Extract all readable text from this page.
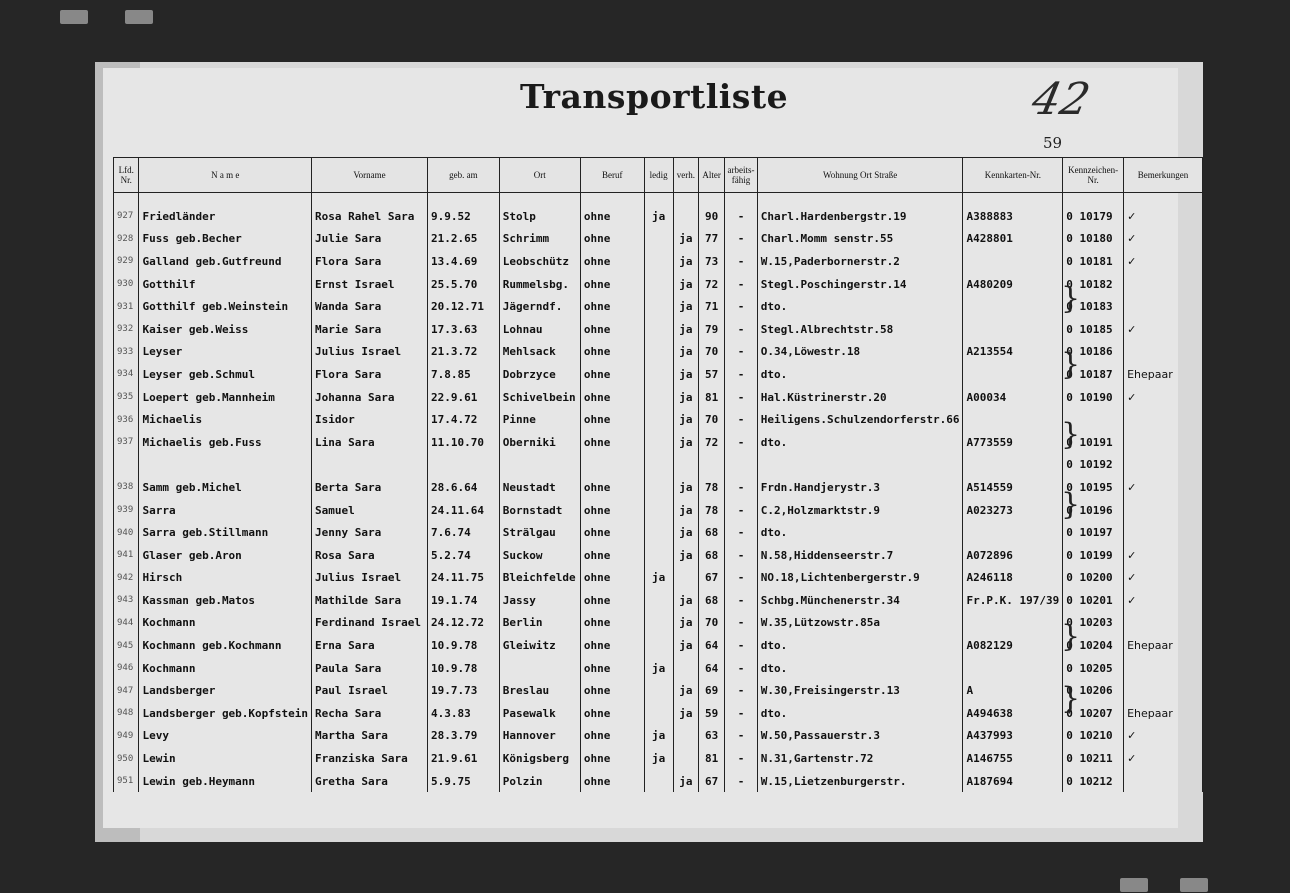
Transportliste	42
59
Lfd. Nr.	N a m e	Vorname	geb. am	Ort	Beruf	ledig	verh.	Alter	arbeits-fähig	Wohnung Ort Straße	Kennkarten-Nr.	Kennzeichen-Nr.	Bemerkungen

927	Friedländer	Rosa Rahel Sara	9.9.52	Stolp	ohne	ja		90	-	Charl.Hardenbergstr.19	A388883	0 10179	✓
928	Fuss geb.Becher	Julie Sara	21.2.65	Schrimm	ohne		ja	77	-	Charl.Momm senstr.55	A428801	0 10180	✓
929	Galland geb.Gutfreund	Flora Sara	13.4.69	Leobschütz	ohne		ja	73	-	W.15,Paderbornerstr.2		0 10181	✓
930	Gotthilf	Ernst Israel	25.5.70	Rummelsbg.	ohne		ja	72	-	Stegl.Poschingerstr.14	A480209	0 10182	
931	Gotthilf geb.Weinstein	Wanda Sara	20.12.71	Jägerndf.	ohne		ja	71	-	dto.		0 10183	
932	Kaiser geb.Weiss	Marie Sara	17.3.63	Lohnau	ohne		ja	79	-	Stegl.Albrechtstr.58		0 10185	✓
933	Leyser	Julius Israel	21.3.72	Mehlsack	ohne		ja	70	-	O.34,Löwestr.18	A213554	0 10186	
934	Leyser geb.Schmul	Flora Sara	7.8.85	Dobrzyce	ohne		ja	57	-	dto.		0 10187	Ehepaar
935	Loepert geb.Mannheim	Johanna Sara	22.9.61	Schivelbein	ohne		ja	81	-	Hal.Küstrinerstr.20	A00034	0 10190	✓
936	Michaelis	Isidor	17.4.72	Pinne	ohne		ja	70	-	Heiligens.Schulzendorferstr.66			
937	Michaelis geb.Fuss	Lina Sara	11.10.70	Oberniki	ohne		ja	72	-	dto.	A773559	0 10191	
												0 10192	
938	Samm geb.Michel	Berta Sara	28.6.64	Neustadt	ohne		ja	78	-	Frdn.Handjerystr.3	A514559	0 10195	✓
939	Sarra	Samuel	24.11.64	Bornstadt	ohne		ja	78	-	C.2,Holzmarktstr.9	A023273	0 10196	
940	Sarra geb.Stillmann	Jenny Sara	7.6.74	Strälgau	ohne		ja	68	-	dto.		0 10197	
941	Glaser geb.Aron	Rosa Sara	5.2.74	Suckow	ohne		ja	68	-	N.58,Hiddenseerstr.7	A072896	0 10199	✓
942	Hirsch	Julius Israel	24.11.75	Bleichfelde	ohne	ja		67	-	NO.18,Lichtenbergerstr.9	A246118	0 10200	✓
943	Kassman geb.Matos	Mathilde Sara	19.1.74	Jassy	ohne		ja	68	-	Schbg.Münchenerstr.34	Fr.P.K. 197/39	0 10201	✓
944	Kochmann	Ferdinand Israel	24.12.72	Berlin	ohne		ja	70	-	W.35,Lützowstr.85a		0 10203	
945	Kochmann geb.Kochmann	Erna Sara	10.9.78	Gleiwitz	ohne		ja	64	-	dto.	A082129	0 10204	Ehepaar
946	Kochmann	Paula Sara	10.9.78		ohne	ja		64	-	dto.		0 10205	
947	Landsberger	Paul Israel	19.7.73	Breslau	ohne		ja	69	-	W.30,Freisingerstr.13	A	0 10206	
948	Landsberger geb.Kopfstein	Recha Sara	4.3.83	Pasewalk	ohne		ja	59	-	dto.	A494638	0 10207	Ehepaar
949	Levy	Martha Sara	28.3.79	Hannover	ohne	ja		63	-	W.50,Passauerstr.3	A437993	0 10210	✓
950	Lewin	Franziska Sara	21.9.61	Königsberg	ohne	ja		81	-	N.31,Gartenstr.72	A146755	0 10211	✓
951	Lewin geb.Heymann	Gretha Sara	5.9.75	Polzin	ohne		ja	67	-	W.15,Lietzenburgerstr.	A187694	0 10212	
}
}
}
}
}
}
